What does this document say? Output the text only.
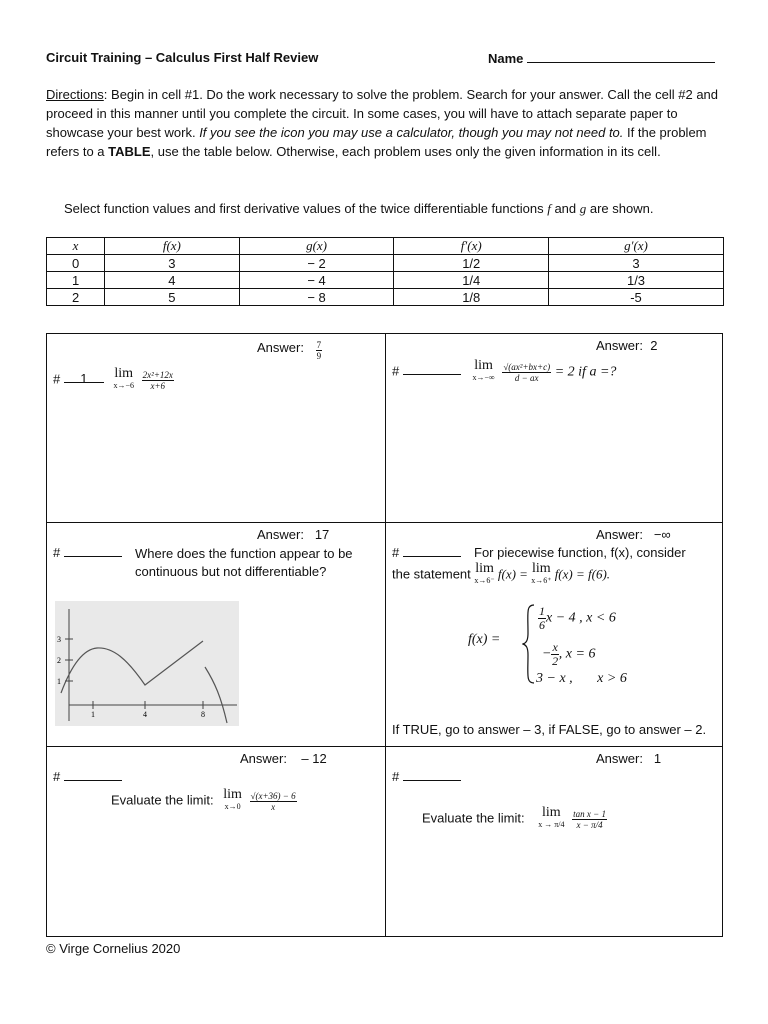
Circuit Training – Calculus First Half Review	Name
Directions: Begin in cell #1. Do the work necessary to solve the problem. Search for your answer. Call the cell #2 and proceed in this manner until you complete the circuit. In some cases, you will have to attach separate paper to showcase your best work. If you see the icon you may use a calculator, though you may not need to. If the problem refers to a TABLE, use the table below. Otherwise, each problem uses only the given information in its cell.
Select function values and first derivative values of the twice differentiable functions f and g are shown.
x	f(x)	g(x)	f′(x)	g′(x)
0	3	− 2	1/2	3
1	4	− 4	1/4	1/3
2	5	− 8	1/8	-5
Answer: $\frac{7}{9}$
# 1 lim
x→−6
$\frac{\text{2x²+12x}}{x+6}$
Answer: 2
#	lim
x→−∞
$\frac{\text{√(ax²+bx+c)}}{d - ax} = 2$ if a =?
Answer: 17
#	Where does the function appear to be continuous but not differentiable?
3
2
1
1	4	8
Answer: −∞
#	For piecewise function, f(x), consider
the statement lim
x→6⁻ f(x) = lim
x→6⁺ f(x) = f(6).
f(x) =
$\frac{1}{6}$ x − 4 , x < 6
− $\frac{x}{2}$ , x = 6
3 − x ,       x > 6
If TRUE, go to answer – 3, if FALSE, go to answer – 2.
Answer: – 12
#
Evaluate the limit: lim
x→0
$\frac{√(x+36) - 6}{x}$
Answer: 1
#
Evaluate the limit: lim
x → π/4
$\frac{\text{tan x − 1}}{x - \pi/4}$
© Virge Cornelius 2020
